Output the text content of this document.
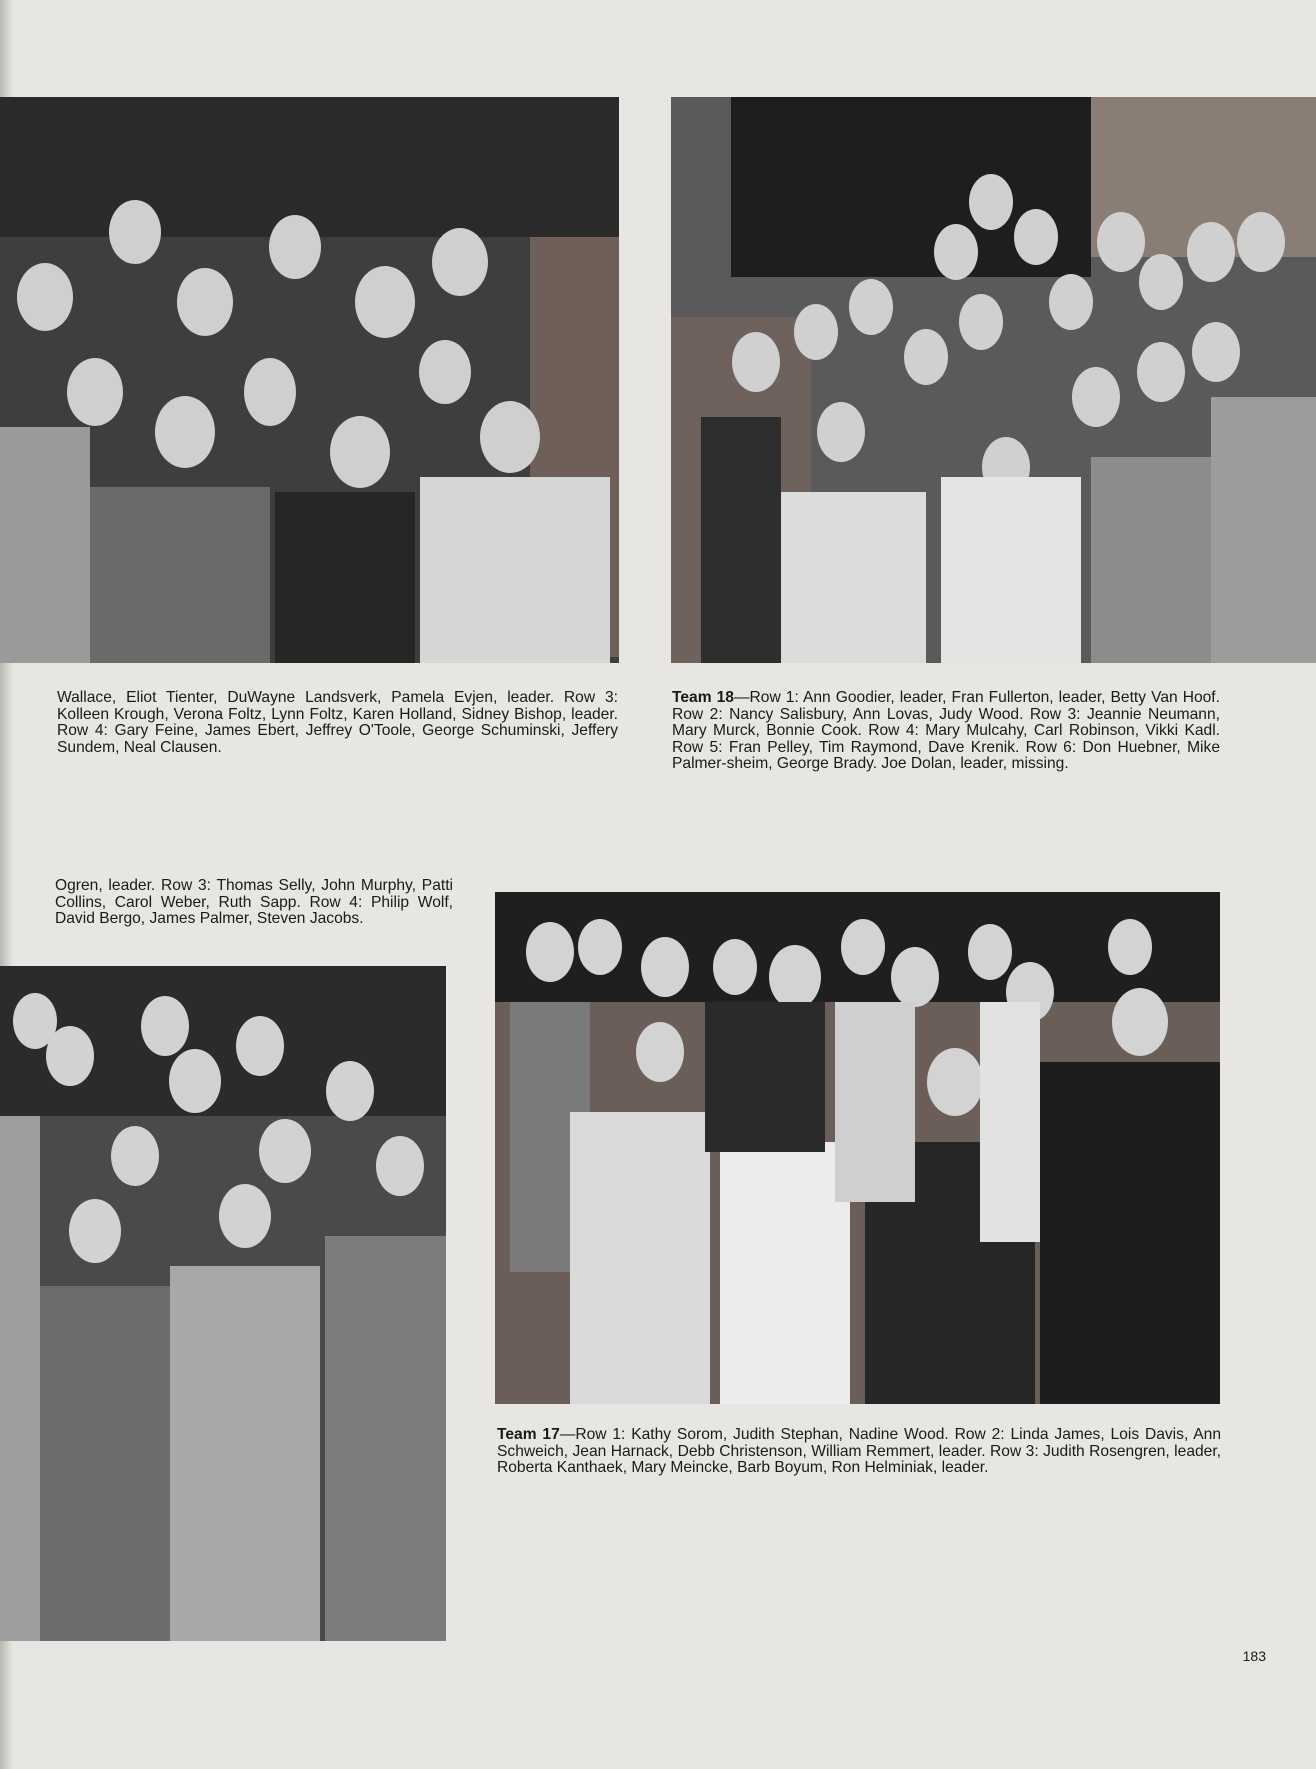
Wallace, Eliot Tienter, DuWayne Landsverk, Pamela Evjen, leader. Row 3: Kolleen Krough, Verona Foltz, Lynn Foltz, Karen Holland, Sidney Bishop, leader. Row 4: Gary Feine, James Ebert, Jeffrey O'Toole, George Schuminski, Jeffery Sundem, Neal Clausen.

Team 18—Row 1: Ann Goodier, leader, Fran Fullerton, leader, Betty Van Hoof. Row 2: Nancy Salisbury, Ann Lovas, Judy Wood. Row 3: Jeannie Neumann, Mary Murck, Bonnie Cook. Row 4: Mary Mulcahy, Carl Robinson, Vikki Kadl. Row 5: Fran Pelley, Tim Raymond, Dave Krenik. Row 6: Don Huebner, Mike Palmer-sheim, George Brady. Joe Dolan, leader, missing.

Ogren, leader. Row 3: Thomas Selly, John Murphy, Patti Collins, Carol Weber, Ruth Sapp. Row 4: Philip Wolf, David Bergo, James Palmer, Steven Jacobs.

Team 17—Row 1: Kathy Sorom, Judith Stephan, Nadine Wood. Row 2: Linda James, Lois Davis, Ann Schweich, Jean Harnack, Debb Christenson, William Remmert, leader. Row 3: Judith Rosengren, leader, Roberta Kanthaek, Mary Meincke, Barb Boyum, Ron Helminiak, leader.

183
